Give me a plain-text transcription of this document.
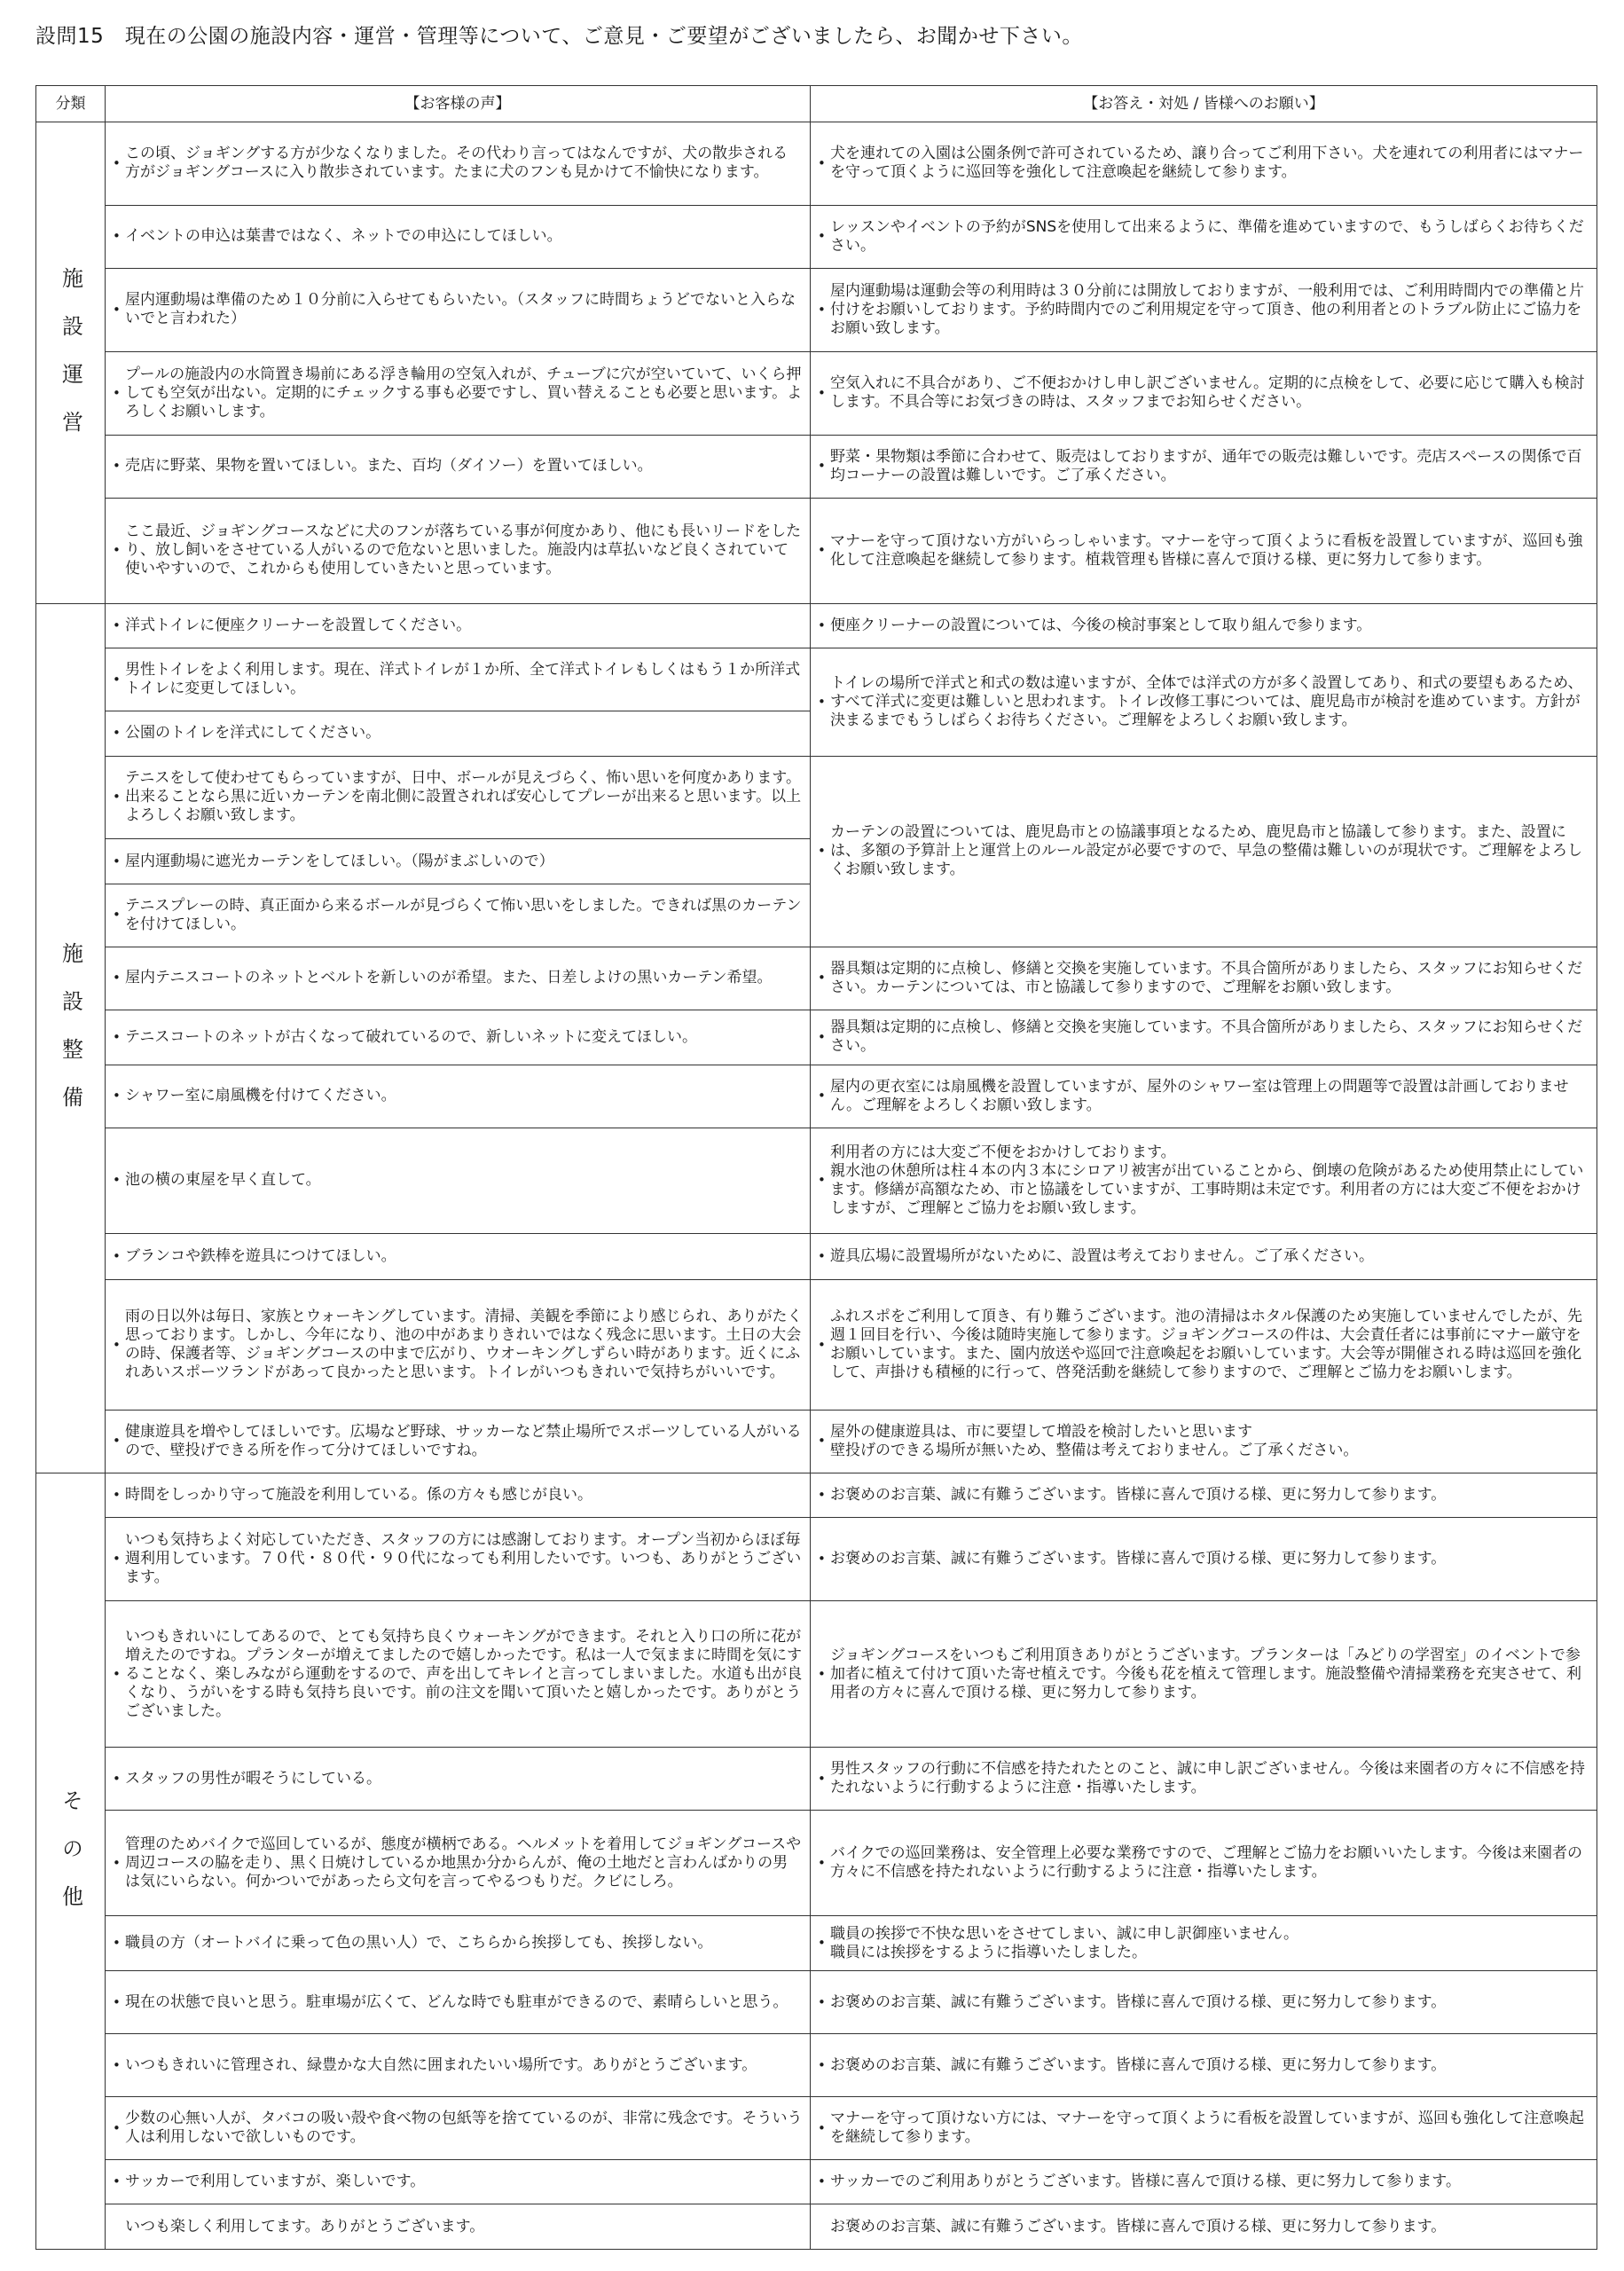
設問15　現在の公園の施設内容・運営・管理等について、ご意見・ご要望がございましたら、お聞かせ下さい。
分類	【お客様の声】	【お答え・対処 / 皆様へのお願い】

施設運営	•
この頃、ジョギングする方が少なくなりました。その代わり言ってはなんですが、犬の散歩される方がジョギングコースに入り散歩されています。たまに犬のフンも見かけて不愉快になります。	•
犬を連れての入園は公園条例で許可されているため、譲り合ってご利用下さい。犬を連れての利用者にはマナーを守って頂くように巡回等を強化して注意喚起を継続して参ります。

	• イベントの申込は葉書ではなく、ネットでの申込にしてほしい。	•
レッスンやイベントの予約がSNSを使用して出来るように、準備を進めていますので、もうしばらくお待ちください。

	•
屋内運動場は準備のため１０分前に入らせてもらいたい。（スタッフに時間ちょうどでないと入らないでと言われた）	•
屋内運動場は運動会等の利用時は３０分前には開放しておりますが、一般利用では、ご利用時間内での準備と片付けをお願いしております。予約時間内でのご利用規定を守って頂き、他の利用者とのトラブル防止にご協力をお願い致します。

	•
プールの施設内の水筒置き場前にある浮き輪用の空気入れが、チューブに穴が空いていて、いくら押しても空気が出ない。定期的にチェックする事も必要ですし、買い替えることも必要と思います。よろしくお願いします。	•
空気入れに不具合があり、ご不便おかけし申し訳ございません。定期的に点検をして、必要に応じて購入も検討します。不具合等にお気づきの時は、スタッフまでお知らせください。

	• 売店に野菜、果物を置いてほしい。また、百均（ダイソー）を置いてほしい。	•
野菜・果物類は季節に合わせて、販売はしておりますが、通年での販売は難しいです。売店スペースの関係で百均コーナーの設置は難しいです。ご了承ください。

	•
ここ最近、ジョギングコースなどに犬のフンが落ちている事が何度かあり、他にも長いリードをしたり、放し飼いをさせている人がいるので危ないと思いました。施設内は草払いなど良くされていて使いやすいので、これからも使用していきたいと思っています。	•
マナーを守って頂けない方がいらっしゃいます。マナーを守って頂くように看板を設置していますが、巡回も強化して注意喚起を継続して参ります。植栽管理も皆様に喜んで頂ける様、更に努力して参ります。

施設整備	• 洋式トイレに便座クリーナーを設置してください。	• 便座クリーナーの設置については、今後の検討事案として取り組んで参ります。

	•
男性トイレをよく利用します。現在、洋式トイレが１か所、全て洋式トイレもしくはもう１か所洋式トイレに変更してほしい。	•
トイレの場所で洋式と和式の数は違いますが、全体では洋式の方が多く設置してあり、和式の要望もあるため、すべて洋式に変更は難しいと思われます。トイレ改修工事については、鹿児島市が検討を進めています。方針が決まるまでもうしばらくお待ちください。ご理解をよろしくお願い致します。

	• 公園のトイレを洋式にしてください。	

	•
テニスをして使わせてもらっていますが、日中、ボールが見えづらく、怖い思いを何度かあります。出来ることなら黒に近いカーテンを南北側に設置されれば安心してプレーが出来ると思います。以上よろしくお願い致します。	•
カーテンの設置については、鹿児島市との協議事項となるため、鹿児島市と協議して参ります。また、設置には、多額の予算計上と運営上のルール設定が必要ですので、早急の整備は難しいのが現状です。ご理解をよろしくお願い致します。

	• 屋内運動場に遮光カーテンをしてほしい。（陽がまぶしいので）	

	•
テニスプレーの時、真正面から来るボールが見づらくて怖い思いをしました。できれば黒のカーテンを付けてほしい。	

	• 屋内テニスコートのネットとベルトを新しいのが希望。また、日差しよけの黒いカーテン希望。	•
器具類は定期的に点検し、修繕と交換を実施しています。不具合箇所がありましたら、スタッフにお知らせください。カーテンについては、市と協議して参りますので、ご理解をお願い致します。

	• テニスコートのネットが古くなって破れているので、新しいネットに変えてほしい。	•
器具類は定期的に点検し、修繕と交換を実施しています。不具合箇所がありましたら、スタッフにお知らせください。

	• シャワー室に扇風機を付けてください。	•
屋内の更衣室には扇風機を設置していますが、屋外のシャワー室は管理上の問題等で設置は計画しておりません。ご理解をよろしくお願い致します。

	• 池の横の東屋を早く直して。	•
利用者の方には大変ご不便をおかけしております。
親水池の休憩所は柱４本の内３本にシロアリ被害が出ていることから、倒壊の危険があるため使用禁止にしています。修繕が高額なため、市と協議をしていますが、工事時期は未定です。利用者の方には大変ご不便をおかけしますが、ご理解とご協力をお願い致します。

	• ブランコや鉄棒を遊具につけてほしい。	• 遊具広場に設置場所がないために、設置は考えておりません。ご了承ください。

	•
雨の日以外は毎日、家族とウォーキングしています。清掃、美観を季節により感じられ、ありがたく思っております。しかし、今年になり、池の中があまりきれいではなく残念に思います。土日の大会の時、保護者等、ジョギングコースの中まで広がり、ウオーキングしずらい時があります。近くにふれあいスポーツランドがあって良かったと思います。トイレがいつもきれいで気持ちがいいです。	•
ふれスポをご利用して頂き、有り難うございます。池の清掃はホタル保護のため実施していませんでしたが、先週１回目を行い、今後は随時実施して参ります。ジョギングコースの件は、大会責任者には事前にマナー厳守をお願いしています。また、園内放送や巡回で注意喚起をお願いしています。大会等が開催される時は巡回を強化して、声掛けも積極的に行って、啓発活動を継続して参りますので、ご理解とご協力をお願いします。

	•
健康遊具を増やしてほしいです。広場など野球、サッカーなど禁止場所でスポーツしている人がいるので、壁投げできる所を作って分けてほしいですね。	•
屋外の健康遊具は、市に要望して増設を検討したいと思います
壁投げのできる場所が無いため、整備は考えておりません。ご了承ください。

その他	• 時間をしっかり守って施設を利用している。係の方々も感じが良い。	• お褒めのお言葉、誠に有難うございます。皆様に喜んで頂ける様、更に努力して参ります。

	•
いつも気持ちよく対応していただき、スタッフの方には感謝しております。オープン当初からほぼ毎週利用しています。７０代・８０代・９０代になっても利用したいです。いつも、ありがとうございます。	• お褒めのお言葉、誠に有難うございます。皆様に喜んで頂ける様、更に努力して参ります。

	•
いつもきれいにしてあるので、とても気持ち良くウォーキングができます。それと入り口の所に花が増えたのですね。プランターが増えてましたので嬉しかったです。私は一人で気ままに時間を気にすることなく、楽しみながら運動をするので、声を出してキレイと言ってしまいました。水道も出が良くなり、うがいをする時も気持ち良いです。前の注文を聞いて頂いたと嬉しかったです。ありがとうございました。	•
ジョギングコースをいつもご利用頂きありがとうございます。プランターは「みどりの学習室」のイベントで参加者に植えて付けて頂いた寄せ植えです。今後も花を植えて管理します。施設整備や清掃業務を充実させて、利用者の方々に喜んで頂ける様、更に努力して参ります。

	• スタッフの男性が暇そうにしている。	•
男性スタッフの行動に不信感を持たれたとのこと、誠に申し訳ございません。今後は来園者の方々に不信感を持たれないように行動するように注意・指導いたします。

	•
管理のためバイクで巡回しているが、態度が横柄である。ヘルメットを着用してジョギングコースや周辺コースの脇を走り、黒く日焼けしているか地黒か分からんが、俺の土地だと言わんばかりの男は気にいらない。何かついでがあったら文句を言ってやるつもりだ。クビにしろ。	•
バイクでの巡回業務は、安全管理上必要な業務ですので、ご理解とご協力をお願いいたします。今後は来園者の方々に不信感を持たれないように行動するように注意・指導いたします。

	• 職員の方（オートバイに乗って色の黒い人）で、こちらから挨拶しても、挨拶しない。	•
職員の挨拶で不快な思いをさせてしまい、誠に申し訳御座いません。
職員には挨拶をするように指導いたしました。

	• 現在の状態で良いと思う。駐車場が広くて、どんな時でも駐車ができるので、素晴らしいと思う。	• お褒めのお言葉、誠に有難うございます。皆様に喜んで頂ける様、更に努力して参ります。

	• いつもきれいに管理され、緑豊かな大自然に囲まれたいい場所です。ありがとうございます。	• お褒めのお言葉、誠に有難うございます。皆様に喜んで頂ける様、更に努力して参ります。

	•
少数の心無い人が、タバコの吸い殻や食べ物の包紙等を捨てているのが、非常に残念です。そういう人は利用しないで欲しいものです。	•
マナーを守って頂けない方には、マナーを守って頂くように看板を設置していますが、巡回も強化して注意喚起を継続して参ります。

	• サッカーで利用していますが、楽しいです。	• サッカーでのご利用ありがとうございます。皆様に喜んで頂ける様、更に努力して参ります。

	いつも楽しく利用してます。ありがとうございます。	お褒めのお言葉、誠に有難うございます。皆様に喜んで頂ける様、更に努力して参ります。
